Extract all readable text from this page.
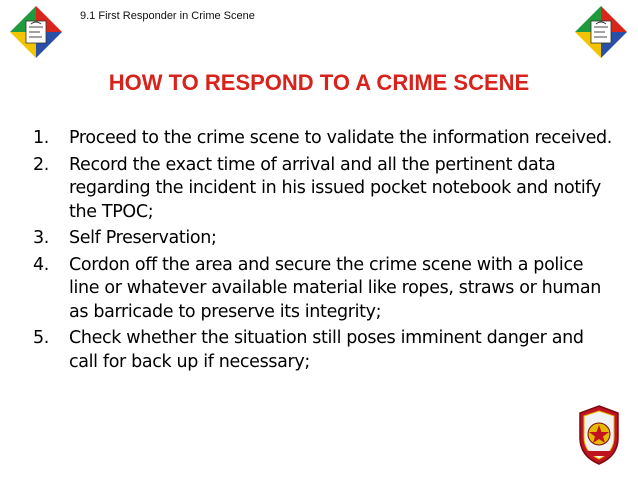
9.1 First Responder in Crime Scene
HOW TO RESPOND TO A CRIME SCENE
1. Proceed to the crime scene to validate the information received.
2. Record the exact time of arrival and all the pertinent data regarding the incident in his issued pocket notebook and notify the TPOC;
3. Self Preservation;
4. Cordon off the area and secure the crime scene with a police line or whatever available material like ropes, straws or human as barricade to preserve its integrity;
5. Check whether the situation still poses imminent danger and call for back up if necessary;
